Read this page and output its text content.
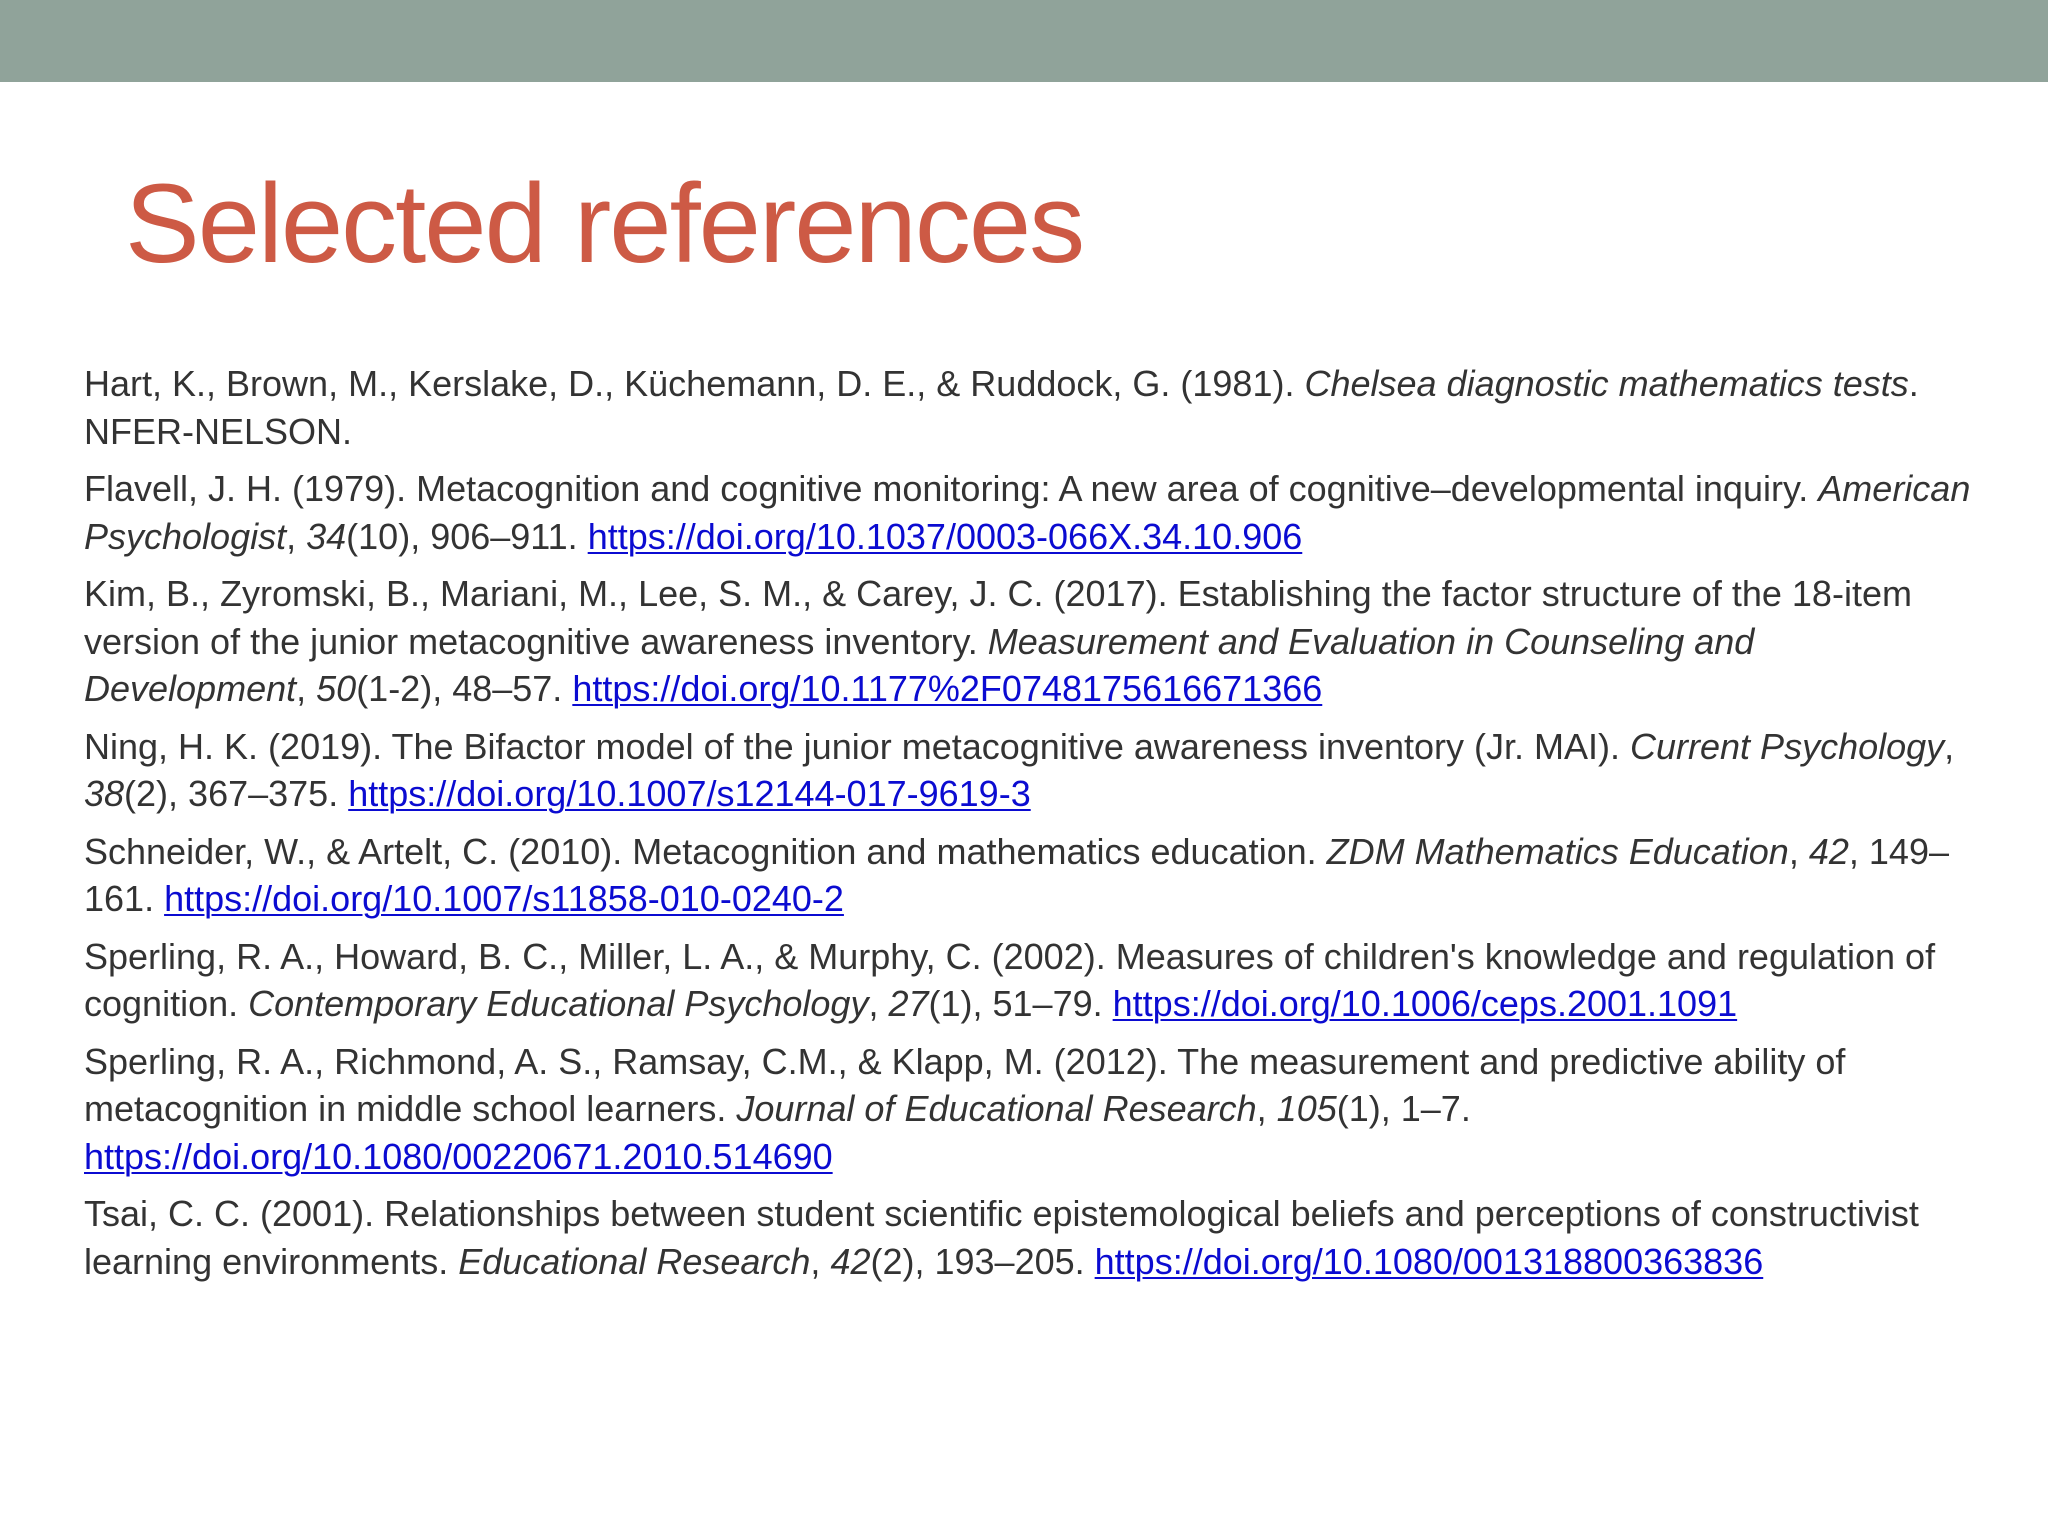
Selected references
Hart, K., Brown, M., Kerslake, D., Küchemann, D. E., & Ruddock, G. (1981). Chelsea diagnostic mathematics tests. NFER-NELSON.
Flavell, J. H. (1979). Metacognition and cognitive monitoring: A new area of cognitive–developmental inquiry. American Psychologist, 34(10), 906–911. https://doi.org/10.1037/0003-066X.34.10.906
Kim, B., Zyromski, B., Mariani, M., Lee, S. M., & Carey, J. C. (2017). Establishing the factor structure of the 18-item version of the junior metacognitive awareness inventory. Measurement and Evaluation in Counseling and Development, 50(1-2), 48–57. https://doi.org/10.1177%2F0748175616671366
Ning, H. K. (2019). The Bifactor model of the junior metacognitive awareness inventory (Jr. MAI). Current Psychology, 38(2), 367–375. https://doi.org/10.1007/s12144-017-9619-3
Schneider, W., & Artelt, C. (2010). Metacognition and mathematics education. ZDM Mathematics Education, 42, 149–161. https://doi.org/10.1007/s11858-010-0240-2
Sperling, R. A., Howard, B. C., Miller, L. A., & Murphy, C. (2002). Measures of children's knowledge and regulation of cognition. Contemporary Educational Psychology, 27(1), 51–79. https://doi.org/10.1006/ceps.2001.1091
Sperling, R. A., Richmond, A. S., Ramsay, C.M., & Klapp, M. (2012). The measurement and predictive ability of metacognition in middle school learners. Journal of Educational Research, 105(1), 1–7. https://doi.org/10.1080/00220671.2010.514690
Tsai, C. C. (2001). Relationships between student scientific epistemological beliefs and perceptions of constructivist learning environments. Educational Research, 42(2), 193–205. https://doi.org/10.1080/001318800363836
